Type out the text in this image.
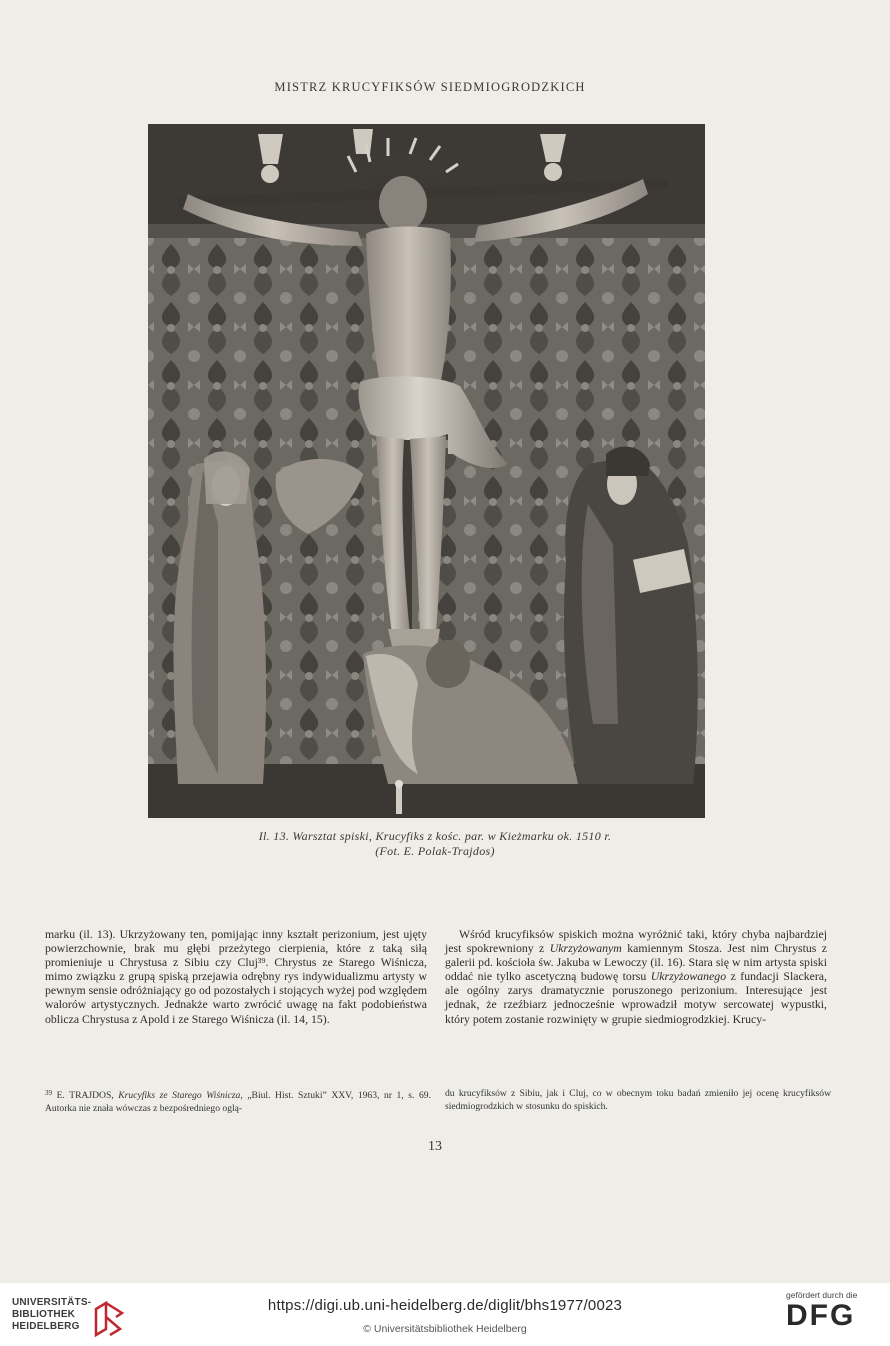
MISTRZ KRUCYFIKSÓW SIEDMIOGRODZKICH
Il. 13. Warsztat spiski, Krucyfiks z kośc. par. w Kieżmarku ok. 1510 r.
(Fot. E. Polak-Trajdos)

marku (il. 13). Ukrzyżowany ten, pomijając inny kształt perizonium, jest ujęty powierzchownie, brak mu głębi przeżytego cierpienia, które z taką siłą promieniuje u Chrystusa z Sibiu czy Cluj³⁹. Chrystus ze Starego Wiśnicza, mimo związku z grupą spiską przejawia odrębny rys indywidualizmu artysty w pewnym sensie odróżniający go od pozostałych i stojących wyżej pod względem walorów artystycznych. Jednakże warto zwrócić uwagę na fakt podobieństwa oblicza Chrystusa z Apold i ze Starego Wiśnicza (il. 14, 15).

Wśród krucyfiksów spiskich można wyróżnić taki, który chyba najbardziej jest spokrewniony z Ukrzyżowanym kamiennym Stosza. Jest nim Chrystus z galerii pd. kościoła św. Jakuba w Lewoczy (il. 16). Stara się w nim artysta spiski oddać nie tylko ascetyczną budowę torsu Ukrzyżowanego z fundacji Slackera, ale ogólny zarys dramatycznie poruszonego perizonium. Interesujące jest jednak, że rzeźbiarz jednocześnie wprowadził motyw sercowatej wypustki, który potem zostanie rozwinięty w grupie siedmiogrodzkiej. Krucy-

$^{39}$ E. TRAJDOS, Krucyfiks ze Starego Wiśnicza, „Biul. Hist. Sztuki” XXV, 1963, nr 1, s. 69. Autorka nie znała wówczas z bezpośredniego oglą-
du krucyfiksów z Sibiu, jak i Cluj, co w obecnym toku badań zmieniło jej ocenę krucyfiksów siedmiogrodzkich w stosunku do spiskich.
13
UNIVERSITÄTS-
BIBLIOTHEK
HEIDELBERG
https://digi.ub.uni-heidelberg.de/diglit/bhs1977/0023
© Universitätsbibliothek Heidelberg
gefördert durch die
DFG
